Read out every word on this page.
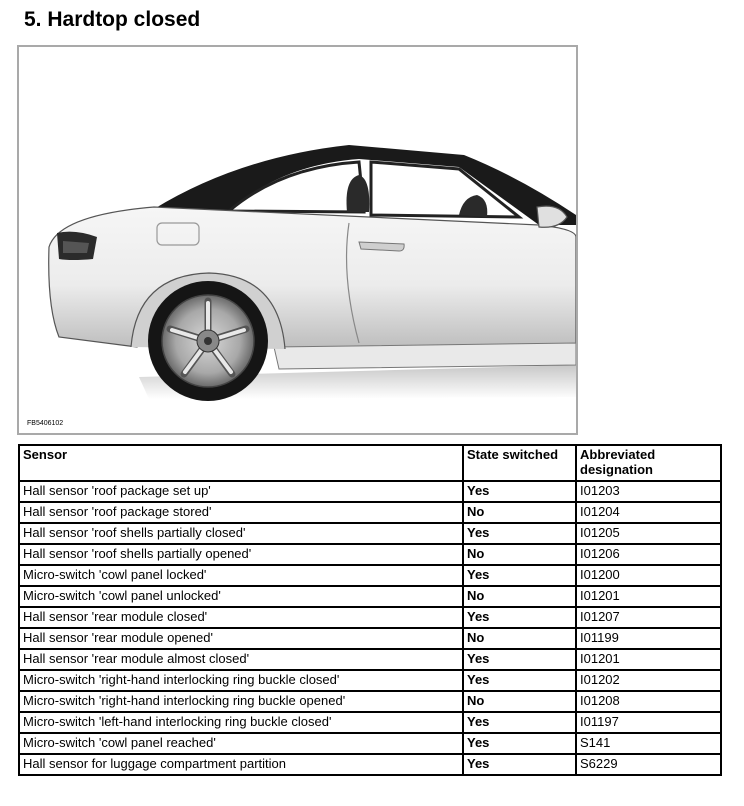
5. Hardtop closed
FB5406102
Sensor	State switched	Abbreviated designation
Hall sensor 'roof package set up'	Yes	I01203
Hall sensor 'roof package stored'	No	I01204
Hall sensor 'roof shells partially closed'	Yes	I01205
Hall sensor 'roof shells partially opened'	No	I01206
Micro-switch 'cowl panel locked'	Yes	I01200
Micro-switch 'cowl panel unlocked'	No	I01201
Hall sensor 'rear module closed'	Yes	I01207
Hall sensor 'rear module opened'	No	I01199
Hall sensor 'rear module almost closed'	Yes	I01201
Micro-switch 'right-hand interlocking ring buckle closed'	Yes	I01202
Micro-switch 'right-hand interlocking ring buckle opened'	No	I01208
Micro-switch 'left-hand interlocking ring buckle closed'	Yes	I01197
Micro-switch 'cowl panel reached'	Yes	S141
Hall sensor for luggage compartment partition	Yes	S6229
